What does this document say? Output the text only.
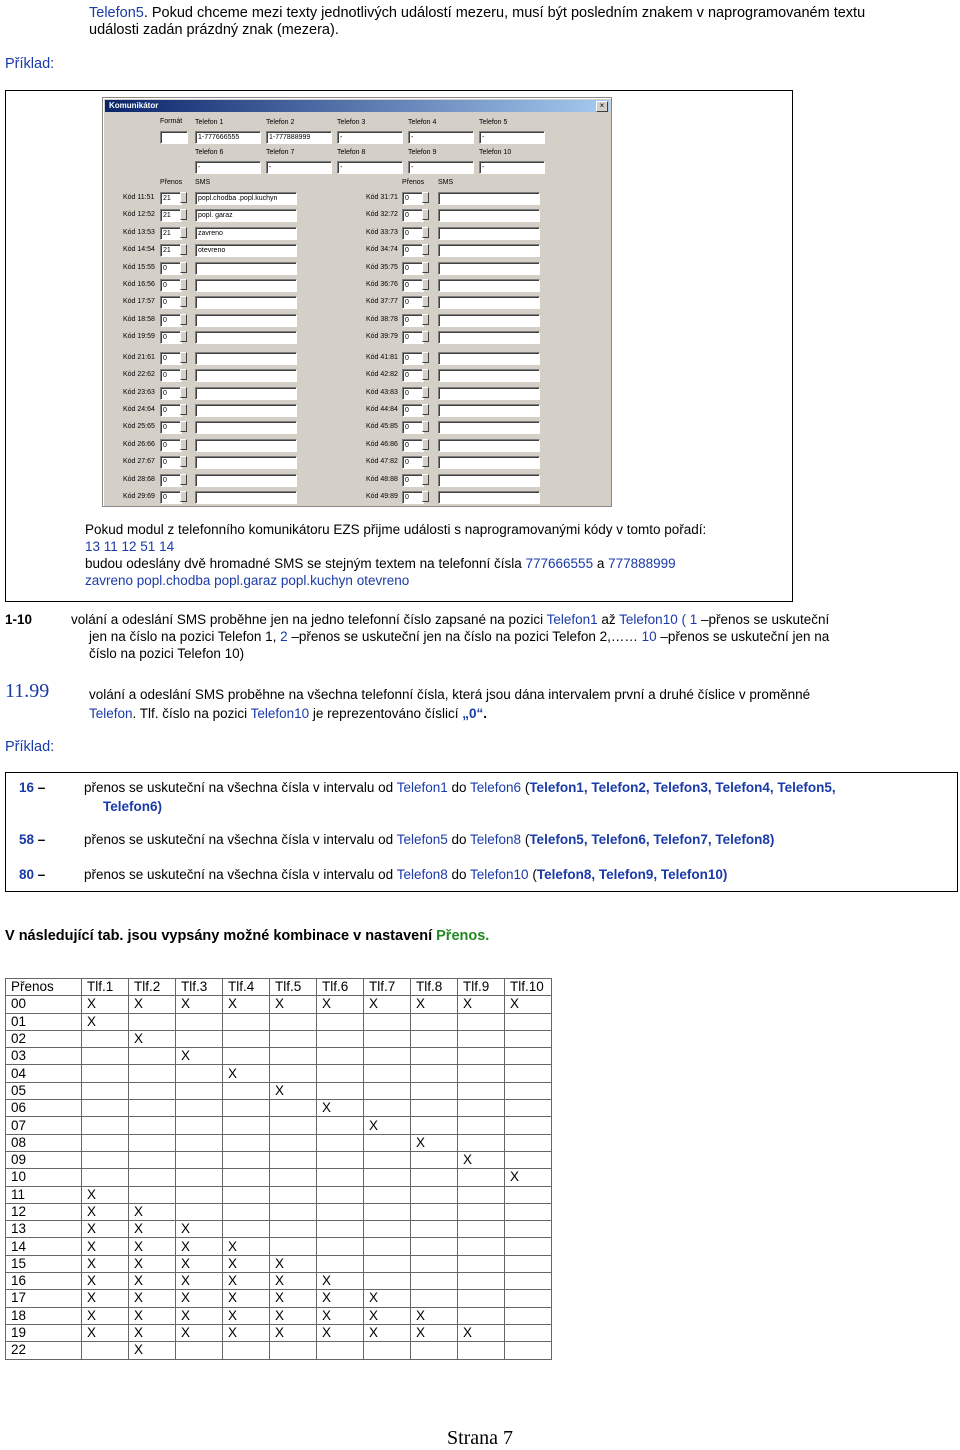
Telefon5. Pokud chceme mezi texty jednotlivých událostí mezeru, musí být posledním znakem v naprogramovaném textu
události zadán prázdný znak (mezera).
Příklad:
Komunikátor	×
Formát Telefon 1
1-777666555
Telefon 2
1-777888999
Telefon 3
-
Telefon 4
-
Telefon 5
-
Telefon 6
-
Telefon 7
-
Telefon 8
-
Telefon 9
-
Telefon 10
-
Přenos SMS	Přenos SMS
Kód 11:51	21	popl.chodba .popl.kuchyn
Kód 12:52	21	popl. garaz
Kód 13:53	21	zavreno
Kód 14:54	21	otevreno
Kód 15:55	0
Kód 16:56	0
Kód 17:57	0
Kód 18:58	0
Kód 19:59	0
Kód 21:61	0
Kód 22:62	0
Kód 23:63	0
Kód 24:64	0
Kód 25:65	0
Kód 26:66	0
Kód 27:67	0
Kód 28:68	0
Kód 29:69	0
Kód 31:71	0
Kód 32:72	0
Kód 33:73	0
Kód 34:74	0
Kód 35:75	0
Kód 36:76	0
Kód 37:77	0
Kód 38:78	0
Kód 39:79	0
Kód 41:81	0
Kód 42:82	0
Kód 43:83	0
Kód 44:84	0
Kód 45:85	0
Kód 46:86	0
Kód 47:82	0
Kód 48:88	0
Kód 49:89	0
Pokud modul z telefonního komunikátoru EZS přijme události s naprogramovanými kódy v tomto pořadí:
13 11 12 51 14
budou odeslány dvě hromadné SMS se stejným textem na telefonní čísla 777666555 a 777888999
zavreno popl.chodba popl.garaz popl.kuchyn otevreno
1-10	volání a odeslání SMS proběhne jen na jedno telefonní číslo zapsané na pozici Telefon1 až Telefon10 ( 1 –přenos se uskuteční
jen na číslo na pozici Telefon 1, 2 –přenos se uskuteční jen na číslo na pozici Telefon 2,…… 10 –přenos se uskuteční jen na
číslo na pozici Telefon 10)
11.99	volání a odeslání SMS proběhne na všechna telefonní čísla, která jsou dána intervalem první a druhé číslice v proměnné
Telefon. Tlf. číslo na pozici Telefon10 je reprezentováno číslicí „0“.
Příklad:
16 –	přenos se uskuteční na všechna čísla v intervalu od Telefon1 do Telefon6 (Telefon1, Telefon2, Telefon3, Telefon4, Telefon5,
Telefon6)
58 –	přenos se uskuteční na všechna čísla v intervalu od Telefon5 do Telefon8 (Telefon5, Telefon6, Telefon7, Telefon8)
80 –	přenos se uskuteční na všechna čísla v intervalu od Telefon8 do Telefon10 (Telefon8, Telefon9, Telefon10)
V následující tab. jsou vypsány možné kombinace v nastavení Přenos.
Přenos	Tlf.1	Tlf.2	Tlf.3	Tlf.4	Tlf.5	Tlf.6	Tlf.7	Tlf.8	Tlf.9	Tlf.10
00	X	X	X	X	X	X	X	X	X	X
01	X									
02		X								
03			X							
04				X						
05					X					
06						X				
07							X			
08								X		
09									X	
10										X
11	X									
12	X	X								
13	X	X	X							
14	X	X	X	X						
15	X	X	X	X	X					
16	X	X	X	X	X	X				
17	X	X	X	X	X	X	X			
18	X	X	X	X	X	X	X	X		
19	X	X	X	X	X	X	X	X	X	
22		X								
Strana 7
